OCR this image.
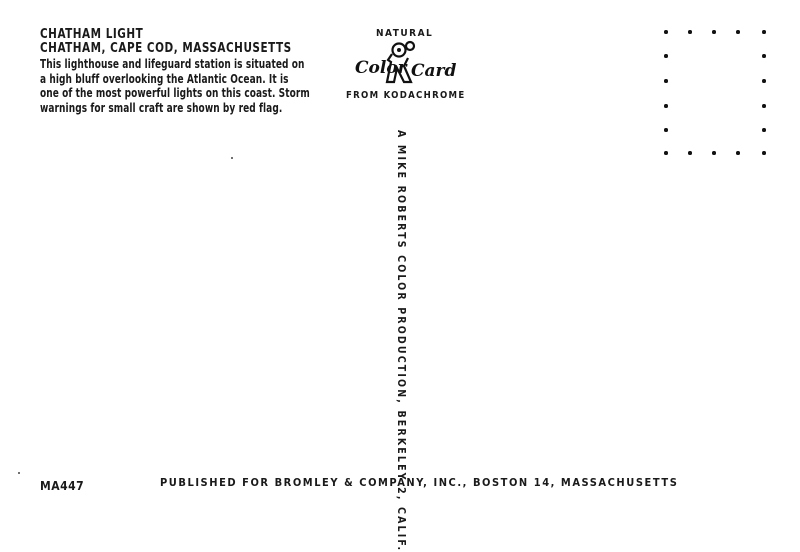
CHATHAM LIGHT
CHATHAM, CAPE COD, MASSACHUSETTS
This lighthouse and lifeguard station is situated on
a high bluff overlooking the Atlantic Ocean. It is
one of the most powerful lights on this coast. Storm
warnings for small craft are shown by red flag.
NATURAL
Color Card
FROM KODACHROME
A MIKE ROBERTS COLOR PRODUCTION, BERKELEY 2, CALIF.
MA447	PUBLISHED FOR BROMLEY & COMPANY, INC., BOSTON 14, MASSACHUSETTS
